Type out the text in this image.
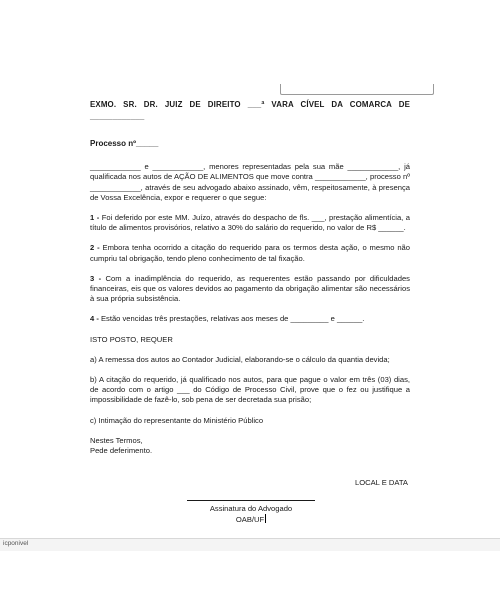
EXMO. SR. DR. JUIZ DE DIREITO ___ª VARA CÍVEL DA COMARCA DE ____________

Processo nº_____

____________ e ____________, menores representadas pela sua mãe ____________, já qualificada nos autos de AÇÃO DE ALIMENTOS que move contra ____________, processo nº ____________, através de seu advogado abaixo assinado, vêm, respeitosamente, à presença de Vossa Excelência, expor e requerer o que segue:

1 - Foi deferido por este MM. Juízo, através do despacho de fls. ___, prestação alimentícia, a título de alimentos provisórios, relativo a 30% do salário do requerido, no valor de R$ ______.

2 - Embora tenha ocorrido a citação do requerido para os termos desta ação, o mesmo não cumpriu tal obrigação, tendo pleno conhecimento de tal fixação.

3 - Com a inadimplência do requerido, as requerentes estão passando por dificuldades financeiras, eis que os valores devidos ao pagamento da obrigação alimentar são necessários à sua própria subsistência.

4 - Estão vencidas três prestações, relativas aos meses de _________ e ______.

ISTO POSTO, REQUER

a) A remessa dos autos ao Contador Judicial, elaborando-se o cálculo da quantia devida;

b) A citação do requerido, já qualificado nos autos, para que pague o valor em três (03) dias, de acordo com o artigo ___ do Código de Processo Civil, prove que o fez ou justifique a impossibilidade de fazê-lo, sob pena de ser decretada sua prisão;

c) Intimação do representante do Ministério Público

Nestes Termos,

Pede deferimento.

LOCAL E DATA
Assinatura do Advogado
OAB/UF
icponivel
